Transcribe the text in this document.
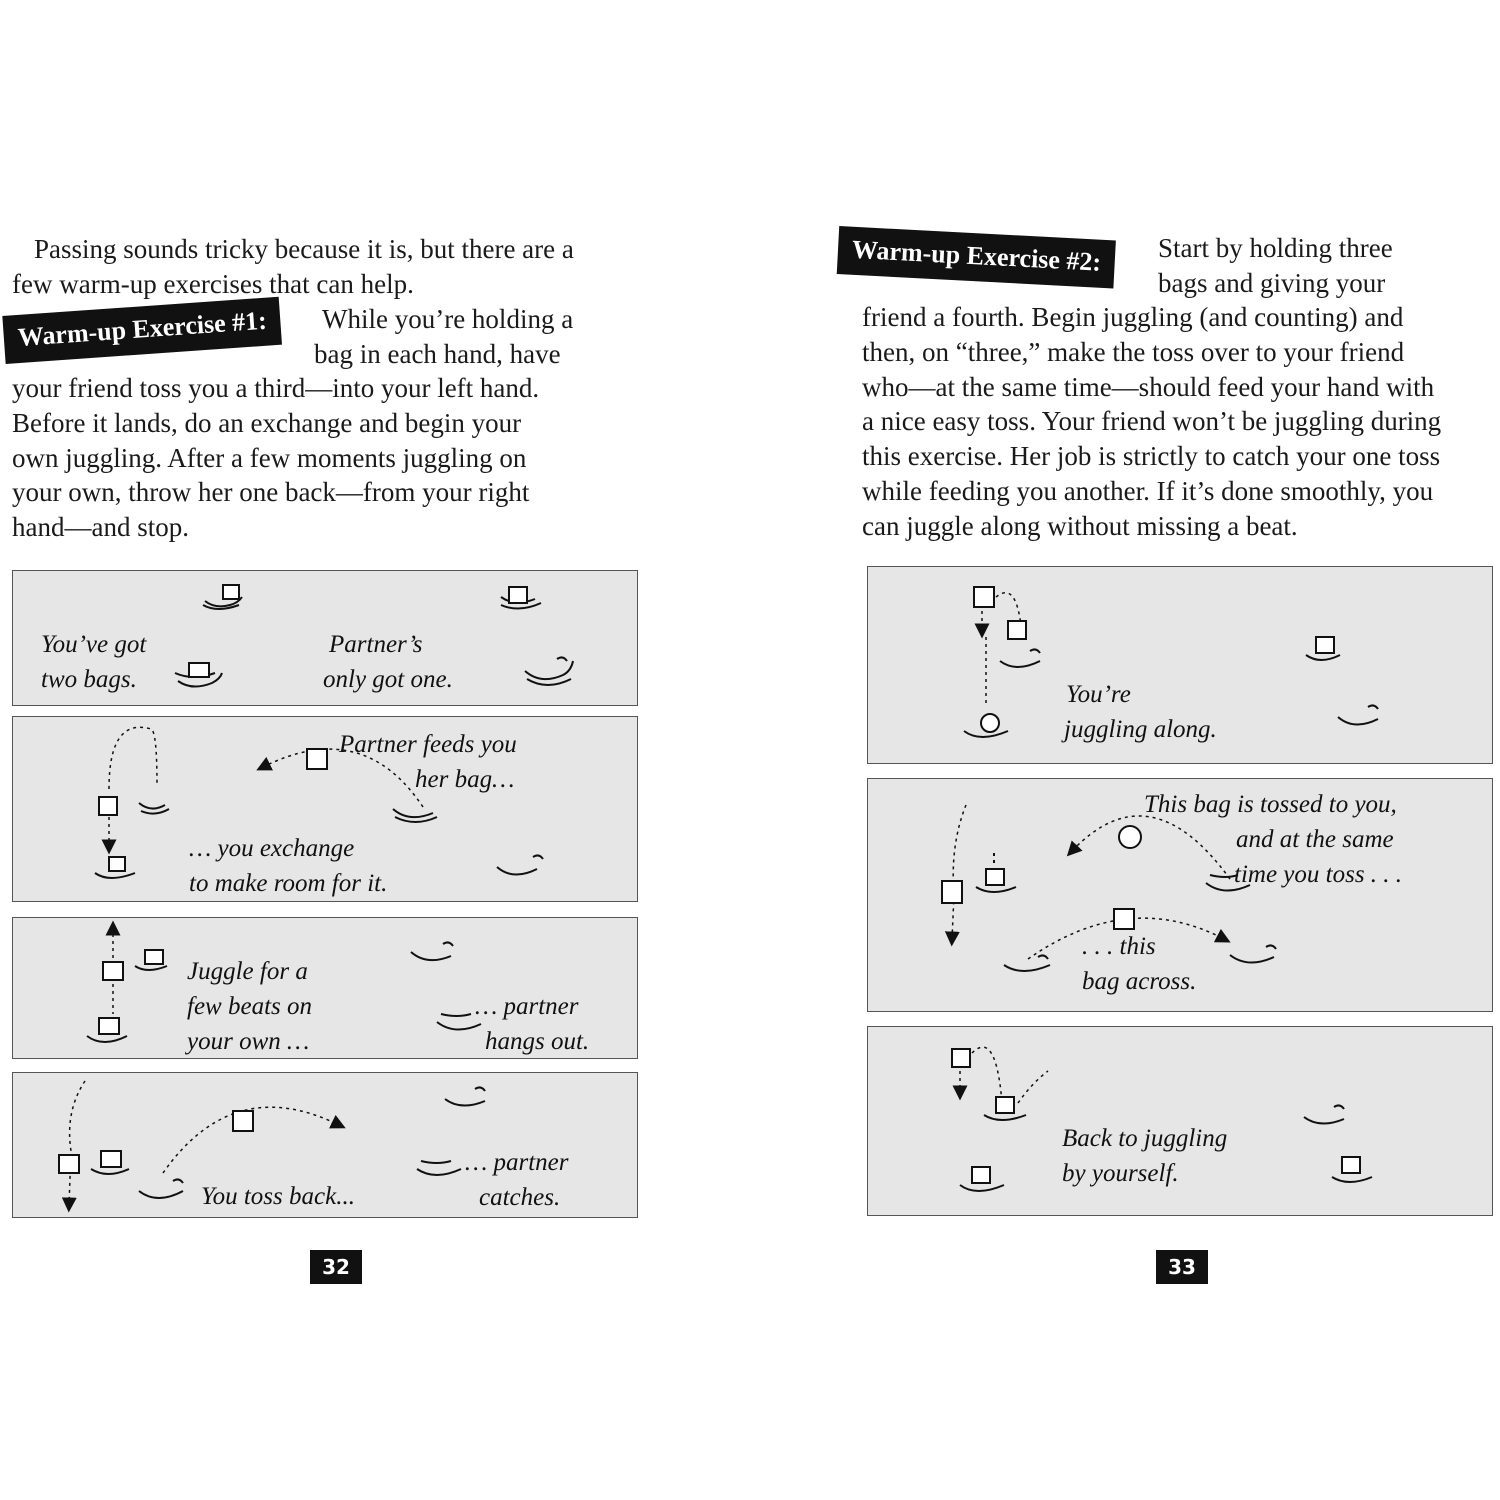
Passing sounds tricky because it is, but there are a
few warm-up exercises that can help.
Warm-up Exercise #1:	While you’re holding a
bag in each hand, have
your friend toss you a third—into your left hand.
Before it lands, do an exchange and begin your
own juggling. After a few moments juggling on
your own, throw her one back—from your right
hand—and stop.
You’ve got
two bags.
Partner’s
only got one.
Partner feeds you
her bag…
… you exchange
to make room for it.
Juggle for a
few beats on
your own …
… partner
hangs out.
You toss back...
… partner
catches.
32
Warm-up Exercise #2:	Start by holding three
bags and giving your
friend a fourth. Begin juggling (and counting) and
then, on “three,” make the toss over to your friend
who—at the same time—should feed your hand with
a nice easy toss. Your friend won’t be juggling during
this exercise. Her job is strictly to catch your one toss
while feeding you another. If it’s done smoothly, you
can juggle along without missing a beat.
You’re
juggling along.
This bag is tossed to you,
and at the same
time you toss . . .
. . . this
bag across.
Back to juggling
by yourself.
33
